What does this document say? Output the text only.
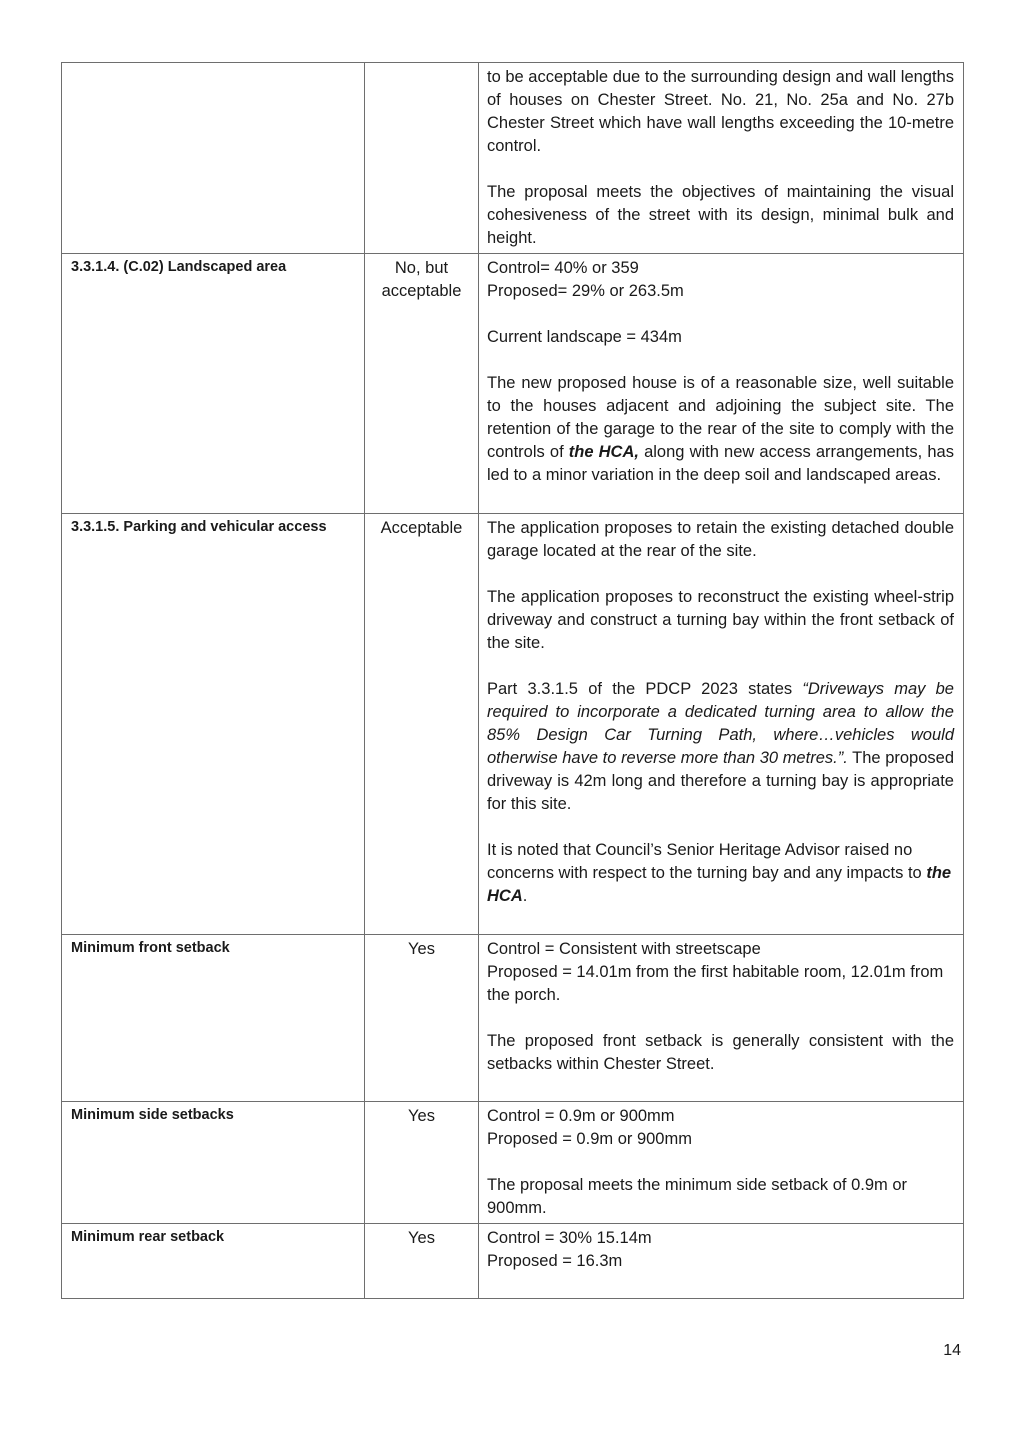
		to be acceptable due to the surrounding design and wall lengths of houses on Chester Street. No. 21, No. 25a and No. 27b Chester Street which have wall lengths exceeding the 10-metre control.

The proposal meets the objectives of maintaining the visual cohesiveness of the street with its design, minimal bulk and height.

3.3.1.4. (C.02) Landscaped area	No, but acceptable	Control= 40% or 359
Proposed= 29% or 263.5m

Current landscape = 434m

The new proposed house is of a reasonable size, well suitable to the houses adjacent and adjoining the subject site. The retention of the garage to the rear of the site to comply with the controls of the HCA, along with new access arrangements, has led to a minor variation in the deep soil and landscaped areas.

3.3.1.5. Parking and vehicular access	Acceptable	The application proposes to retain the existing detached double garage located at the rear of the site.

The application proposes to reconstruct the existing wheel-strip driveway and construct a turning bay within the front setback of the site.

Part 3.3.1.5 of the PDCP 2023 states “Driveways may be required to incorporate a dedicated turning area to allow the 85% Design Car Turning Path, where…vehicles would otherwise have to reverse more than 30 metres.”. The proposed driveway is 42m long and therefore a turning bay is appropriate for this site.

It is noted that Council’s Senior Heritage Advisor raised no concerns with respect to the turning bay and any impacts to the HCA.

Minimum front setback	Yes	Control = Consistent with streetscape
Proposed = 14.01m from the first habitable room, 12.01m from the porch.

The proposed front setback is generally consistent with the setbacks within Chester Street.

Minimum side setbacks	Yes	Control = 0.9m or 900mm
Proposed = 0.9m or 900mm

The proposal meets the minimum side setback of 0.9m or 900mm.

Minimum rear setback	Yes	Control = 30% 15.14m
Proposed = 16.3m

14
